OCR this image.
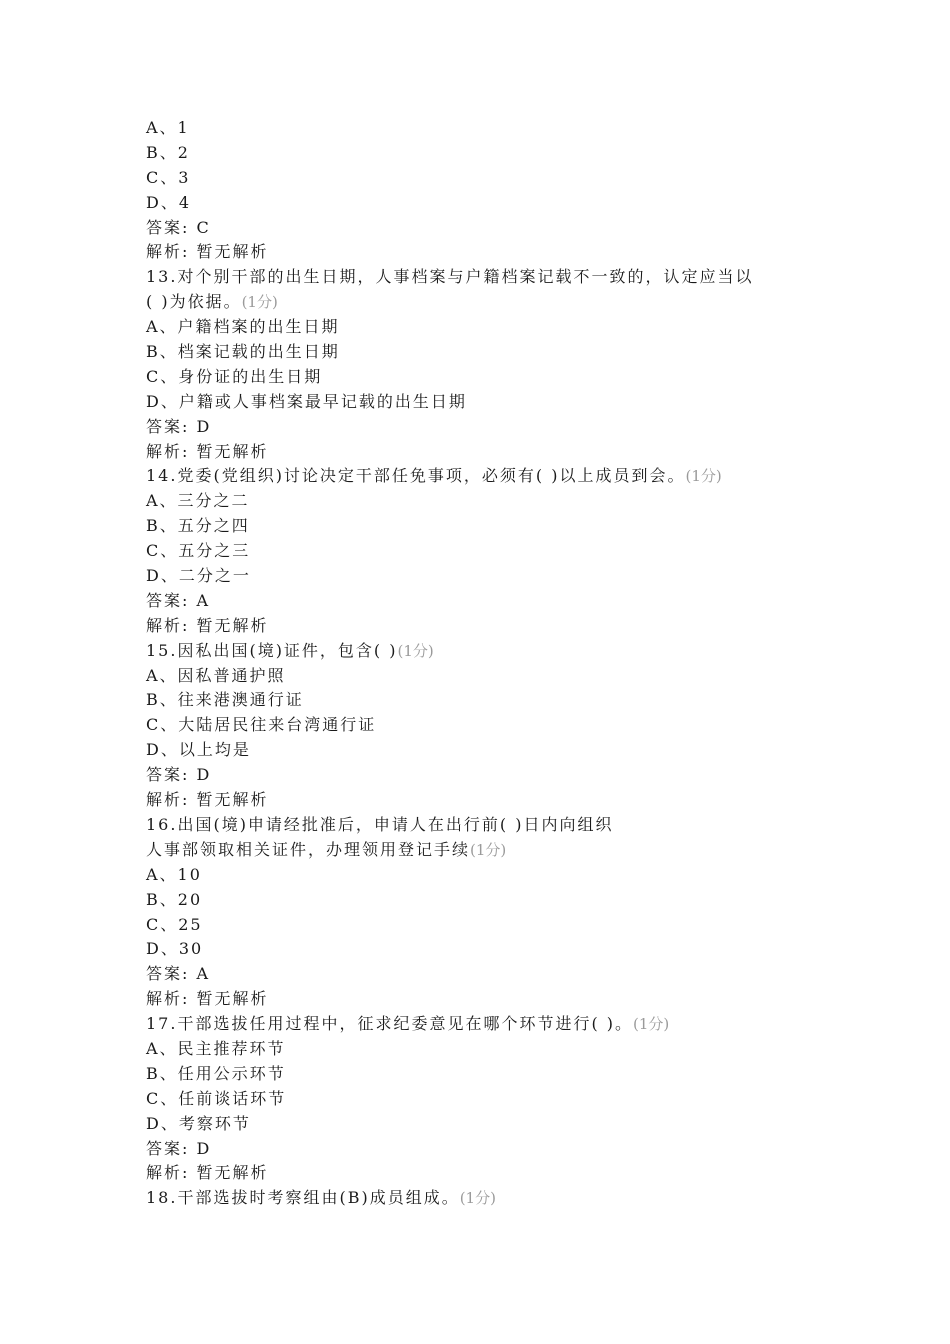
A、1
B、2
C、3
D、4
答案: C
解析: 暂无解析
13.对个别干部的出生日期，人事档案与户籍档案记载不一致的，认定应当以
( )为依据。(1分)
A、户籍档案的出生日期
B、档案记载的出生日期
C、身份证的出生日期
D、户籍或人事档案最早记载的出生日期
答案: D
解析: 暂无解析
14.党委(党组织)讨论决定干部任免事项，必须有( )以上成员到会。(1分)
A、三分之二
B、五分之四
C、五分之三
D、二分之一
答案: A
解析: 暂无解析
15.因私出国(境)证件，包含( )(1分)
A、因私普通护照
B、往来港澳通行证
C、大陆居民往来台湾通行证
D、以上均是
答案: D
解析: 暂无解析
16.出国(境)申请经批准后，申请人在出行前( )日内向组织
人事部领取相关证件，办理领用登记手续(1分)
A、10
B、20
C、25
D、30
答案: A
解析: 暂无解析
17.干部选拔任用过程中，征求纪委意见在哪个环节进行( )。(1分)
A、民主推荐环节
B、任用公示环节
C、任前谈话环节
D、考察环节
答案: D
解析: 暂无解析
18.干部选拔时考察组由(B)成员组成。(1分)
